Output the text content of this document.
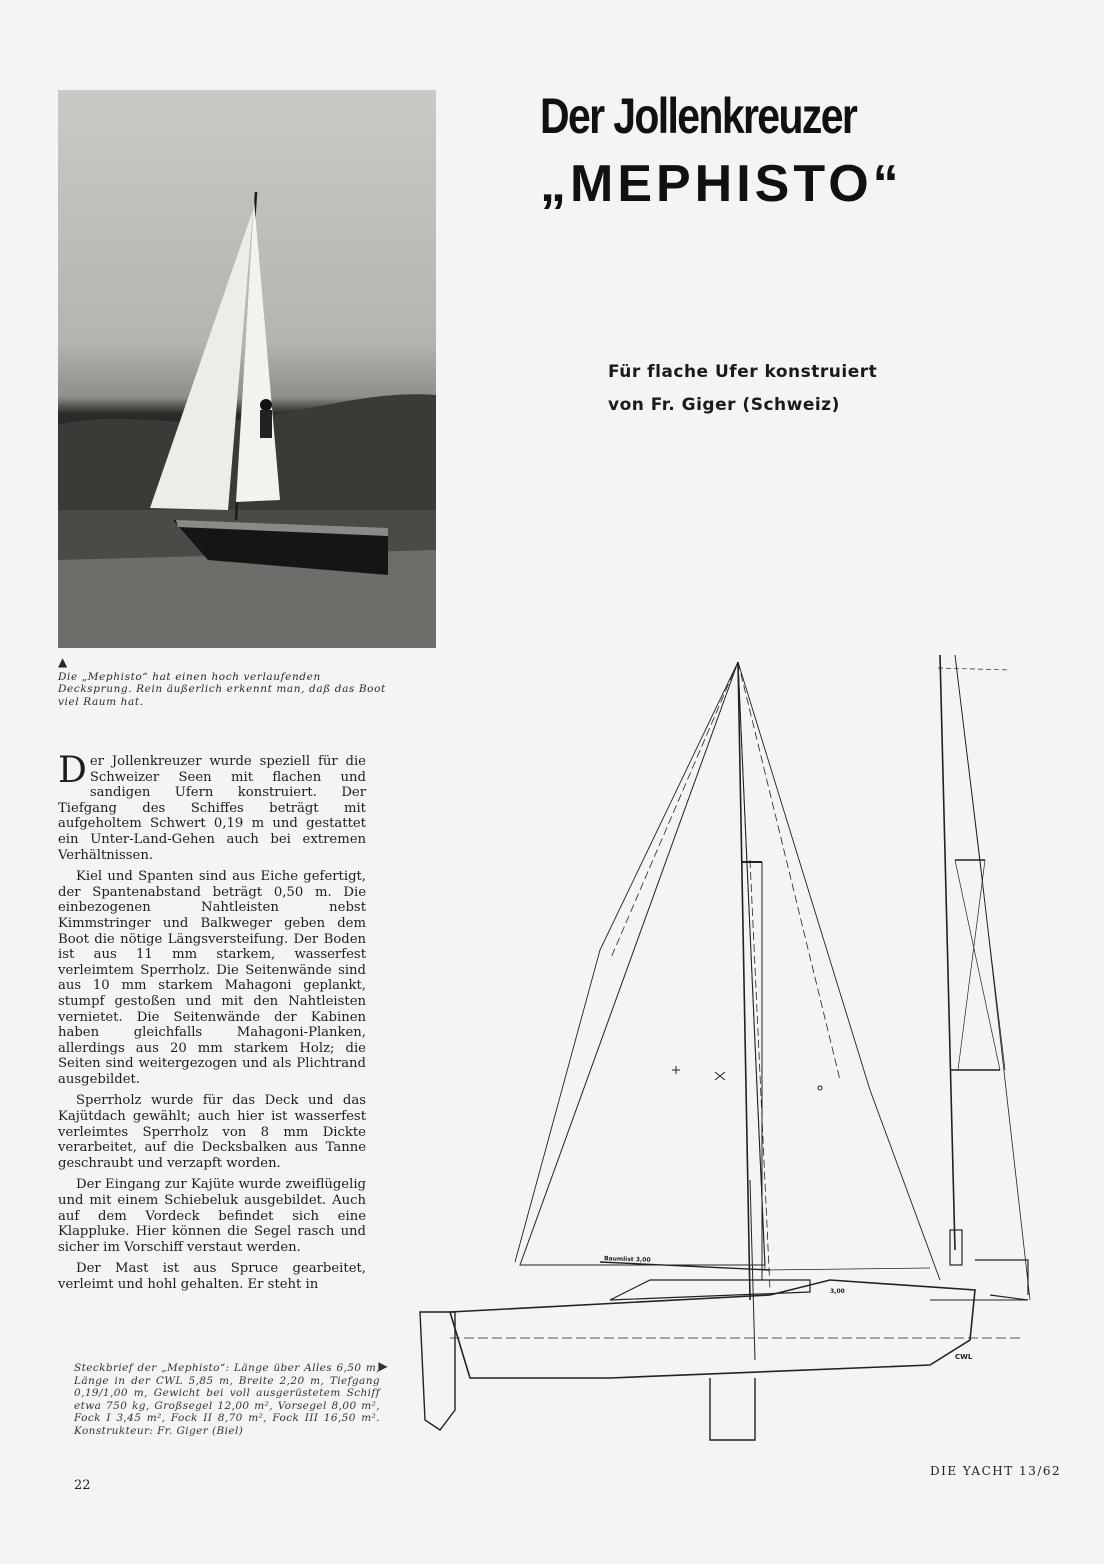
▲
Die „Mephisto“ hat einen hoch verlaufenden Decksprung. Rein äußerlich erkennt man, daß das Boot viel Raum hat.
Der Jollenkreuzer
„MEPHISTO“
Für flache Ufer konstruiert
von Fr. Giger (Schweiz)

Der Jollenkreuzer wurde speziell für die Schweizer Seen mit flachen und sandigen Ufern konstruiert. Der Tiefgang des Schiffes beträgt mit aufgeholtem Schwert 0,19 m und gestattet ein Unter-Land-Gehen auch bei extremen Verhältnissen.

Kiel und Spanten sind aus Eiche gefertigt, der Spantenabstand beträgt 0,50 m. Die einbezogenen Nahtleisten nebst Kimmstringer und Balkweger geben dem Boot die nötige Längsversteifung. Der Boden ist aus 11 mm starkem, wasserfest verleimtem Sperrholz. Die Seitenwände sind aus 10 mm starkem Mahagoni geplankt, stumpf gestoßen und mit den Nahtleisten vernietet. Die Seitenwände der Kabinen haben gleichfalls Mahagoni-Planken, allerdings aus 20 mm starkem Holz; die Seiten sind weitergezogen und als Plichtrand ausgebildet.

Sperrholz wurde für das Deck und das Kajütdach gewählt; auch hier ist wasserfest verleimtes Sperrholz von 8 mm Dickte verarbeitet, auf die Decksbalken aus Tanne geschraubt und verzapft worden.

Der Eingang zur Kajüte wurde zweiflügelig und mit einem Schiebeluk ausgebildet. Auch auf dem Vordeck befindet sich eine Klappluke. Hier können die Segel rasch und sicher im Vorschiff verstaut werden.

Der Mast ist aus Spruce gearbeitet, verleimt und hohl gehalten. Er steht in

▶
Steckbrief der „Mephisto“: Länge über Alles 6,50 m, Länge in der CWL 5,85 m, Breite 2,20 m, Tiefgang 0,19/1,00 m, Gewicht bei voll ausgerüstetem Schiff etwa 750 kg, Großsegel 12,00 m², Vorsegel 8,00 m², Fock I 3,45 m², Fock II 8,70 m², Fock III 16,50 m². Konstrukteur: Fr. Giger (Biel)
22
DIE YACHT 13/62
Baumlist 3,00
CWL
3,00
